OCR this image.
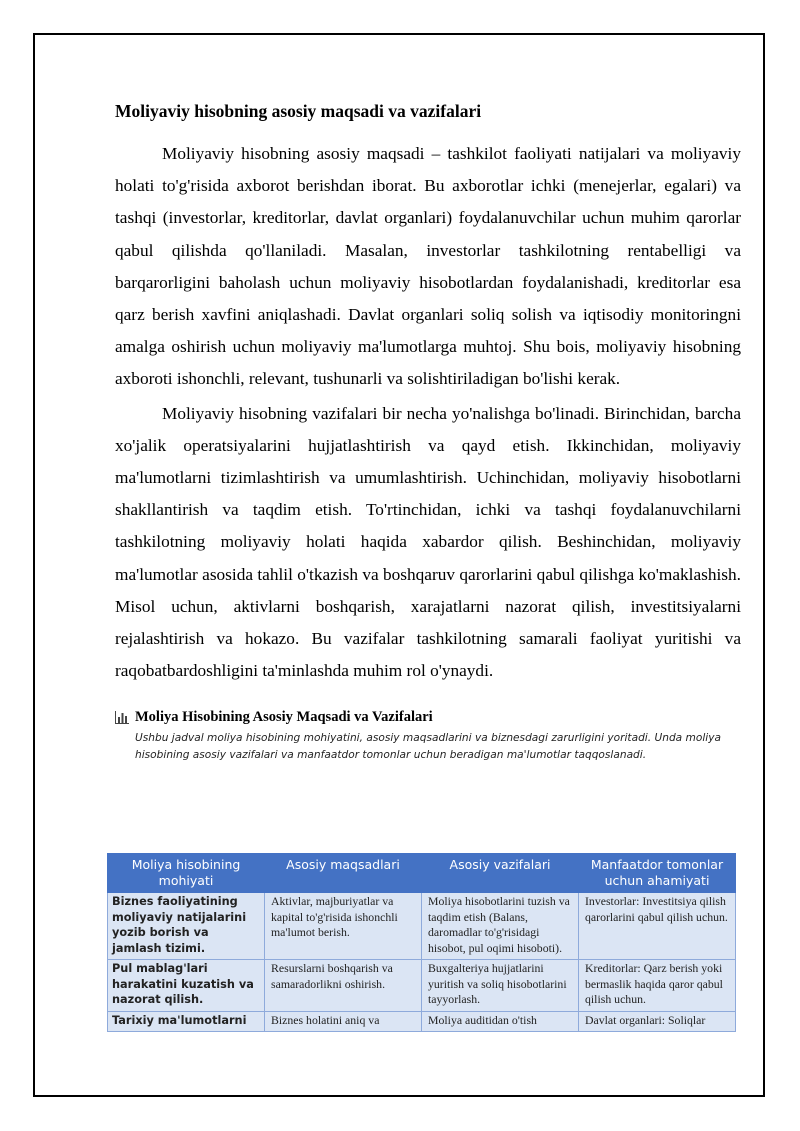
Moliyaviy hisobning asosiy maqsadi va vazifalari

Moliyaviy hisobning asosiy maqsadi – tashkilot faoliyati natijalari va moliyaviy holati to'g'risida axborot berishdan iborat. Bu axborotlar ichki (menejerlar, egalari) va tashqi (investorlar, kreditorlar, davlat organlari) foydalanuvchilar uchun muhim qarorlar qabul qilishda qo'llaniladi. Masalan, investorlar tashkilotning rentabelligi va barqarorligini baholash uchun moliyaviy hisobotlardan foydalanishadi, kreditorlar esa qarz berish xavfini aniqlashadi. Davlat organlari soliq solish va iqtisodiy monitoringni amalga oshirish uchun moliyaviy ma'lumotlarga muhtoj. Shu bois, moliyaviy hisobning axboroti ishonchli, relevant, tushunarli va solishtiriladigan bo'lishi kerak.

Moliyaviy hisobning vazifalari bir necha yo'nalishga bo'linadi. Birinchidan, barcha xo'jalik operatsiyalarini hujjatlashtirish va qayd etish. Ikkinchidan, moliyaviy ma'lumotlarni tizimlashtirish va umumlashtirish. Uchinchidan, moliyaviy hisobotlarni shakllantirish va taqdim etish. To'rtinchidan, ichki va tashqi foydalanuvchilarni tashkilotning moliyaviy holati haqida xabardor qilish. Beshinchidan, moliyaviy ma'lumotlar asosida tahlil o'tkazish va boshqaruv qarorlarini qabul qilishga ko'maklashish. Misol uchun, aktivlarni boshqarish, xarajatlarni nazorat qilish, investitsiyalarni rejalashtirish va hokazo. Bu vazifalar tashkilotning samarali faoliyat yuritishi va raqobatbardoshligini ta'minlashda muhim rol o'ynaydi.

Moliya Hisobining Asosiy Maqsadi va Vazifalari
Ushbu jadval moliya hisobining mohiyatini, asosiy maqsadlarini va biznesdagi zarurligini yoritadi. Unda moliya hisobining asosiy vazifalari va manfaatdor tomonlar uchun beradigan ma'lumotlar taqqoslanadi.
Moliya hisobining mohiyati	Asosiy maqsadlari	Asosiy vazifalari	Manfaatdor tomonlar uchun ahamiyati
Biznes faoliyatining moliyaviy natijalarini yozib borish va jamlash tizimi.	Aktivlar, majburiyatlar va kapital to'g'risida ishonchli ma'lumot berish.	Moliya hisobotlarini tuzish va taqdim etish (Balans, daromadlar to'g'risidagi hisobot, pul oqimi hisoboti).	Investorlar: Investitsiya qilish qarorlarini qabul qilish uchun.
Pul mablag'lari harakatini kuzatish va nazorat qilish.	Resurslarni boshqarish va samaradorlikni oshirish.	Buxgalteriya hujjatlarini yuritish va soliq hisobotlarini tayyorlash.	Kreditorlar: Qarz berish yoki bermaslik haqida qaror qabul qilish uchun.
Tarixiy ma'lumotlarni	Biznes holatini aniq va	Moliya auditidan o'tish	Davlat organlari: Soliqlar
